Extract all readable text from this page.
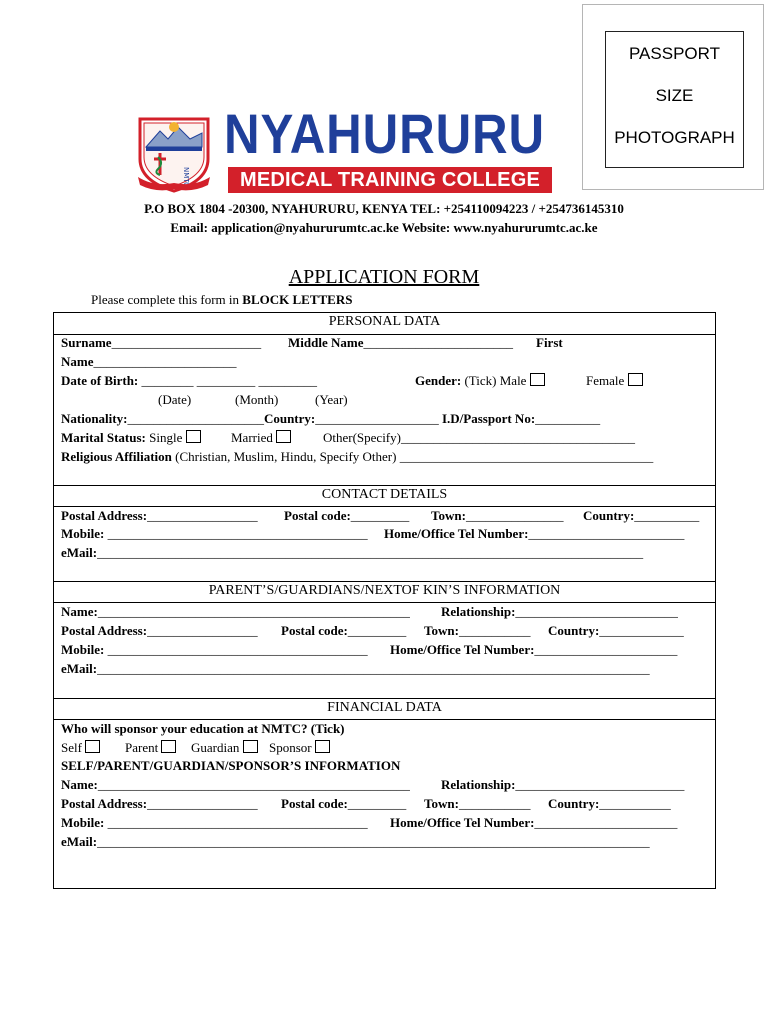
PASSPORT
SIZE
PHOTOGRAPH
NMTC
NYAHURURU
MEDICAL TRAINING COLLEGE
P.O BOX 1804 -20300, NYAHURURU, KENYA TEL: +254110094223 / +254736145310
Email: application@nyahururumtc.ac.ke Website: www.nyahururumtc.ac.ke
APPLICATION FORM
Please complete this form in BLOCK LETTERS
PERSONAL DATA
Surname_______________________ Middle Name_______________________ First
Name______________________
Date of Birth: ________ _________ _________	Gender: (Tick) Male	Female
(Date)	(Month)	(Year)
Nationality:_____________________Country:___________________ I.D/Passport No:__________
Marital Status: Single	Married	Other(Specify)____________________________________
Religious Affiliation (Christian, Muslim, Hindu, Specify Other) _______________________________________
CONTACT DETAILS
Postal Address:_________________ Postal code:_________ Town:_______________ Country:__________
Mobile: ________________________________________ Home/Office Tel Number:________________________
eMail:____________________________________________________________________________________
PARENT’S/GUARDIANS/NEXTOF KIN’S INFORMATION
Name:________________________________________________ Relationship:_________________________
Postal Address:_________________ Postal code:_________ Town:___________ Country:_____________
Mobile: ________________________________________ Home/Office Tel Number:______________________
eMail:_____________________________________________________________________________________
FINANCIAL DATA
Who will sponsor your education at NMTC? (Tick)
Self	Parent	Guardian	Sponsor
SELF/PARENT/GUARDIAN/SPONSOR’S INFORMATION
Name:________________________________________________ Relationship:__________________________
Postal Address:_________________ Postal code:_________ Town:___________ Country:___________
Mobile: ________________________________________ Home/Office Tel Number:______________________
eMail:_____________________________________________________________________________________
